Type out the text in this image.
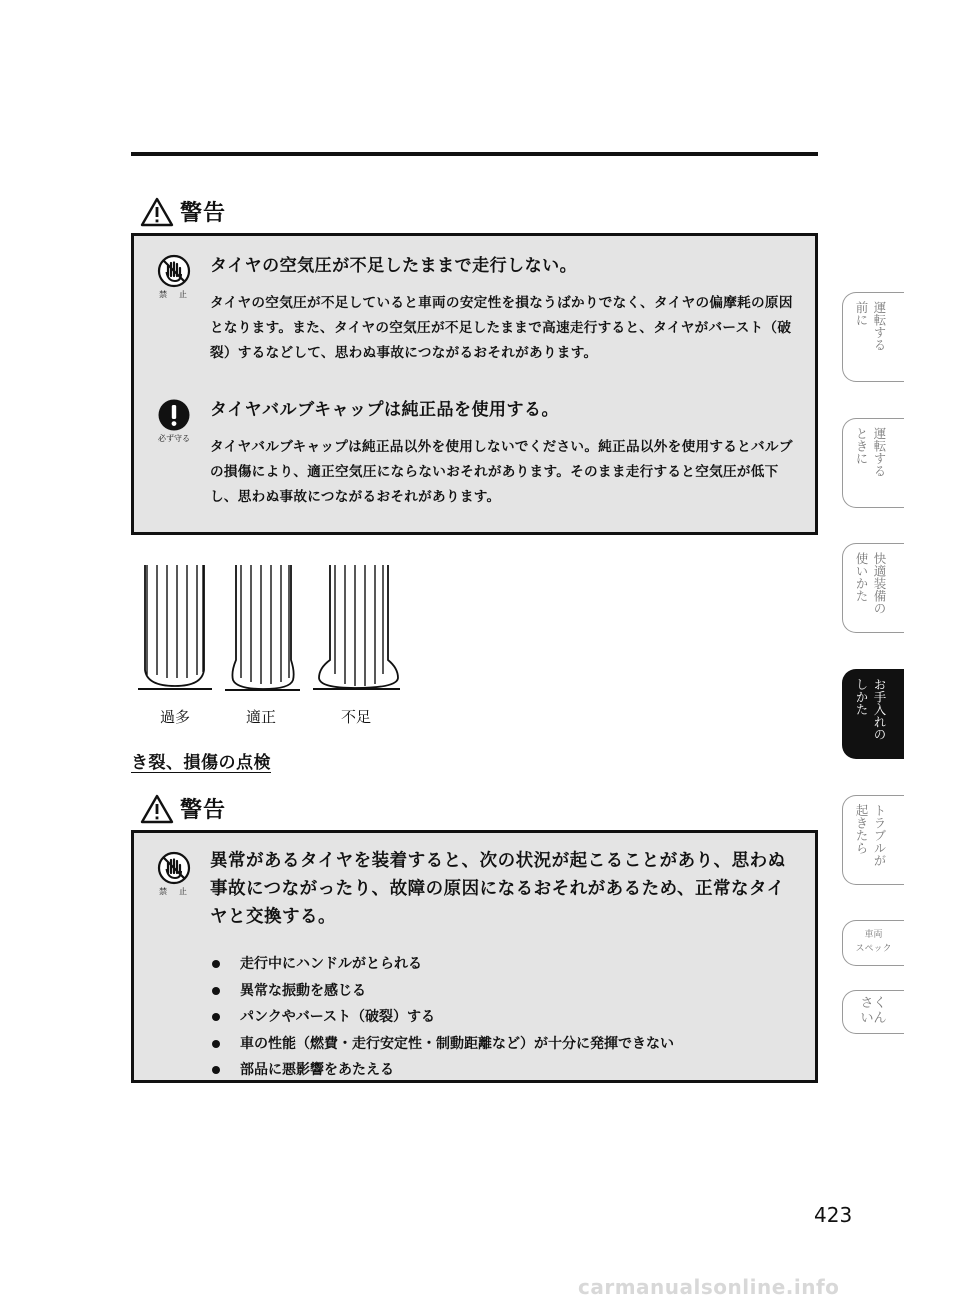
警告
禁　止
タイヤの空気圧が不足したままで走行しない。
タイヤの空気圧が不足していると車両の安定性を損なうばかりでなく、タイヤの偏摩耗の原因となります。また、タイヤの空気圧が不足したままで高速走行すると、タイヤがバースト（破裂）するなどして、思わぬ事故につながるおそれがあります。
必ず守る
タイヤバルブキャップは純正品を使用する。
タイヤバルブキャップは純正品以外を使用しないでください。純正品以外を使用するとバルブの損傷により、適正空気圧にならないおそれがあります。そのまま走行すると空気圧が低下し、思わぬ事故につながるおそれがあります。
過多	適正	不足
き裂、損傷の点検
警告
禁　止
異常があるタイヤを装着すると、次の状況が起こることがあり、思わぬ事故につながったり、故障の原因になるおそれがあるため、正常なタイヤと交換する。
走行中にハンドルがとられる
異常な振動を感じる
パンクやバースト（破裂）する
車の性能（燃費・走行安定性・制動距離など）が十分に発揮できない
部品に悪影響をあたえる
運転する
前に
運転する
ときに
快適装備の
使いかた
お手入れの
しかた
トラブルが
起きたら
車両
スペック
さく
いん
423
carmanualsonline.info
